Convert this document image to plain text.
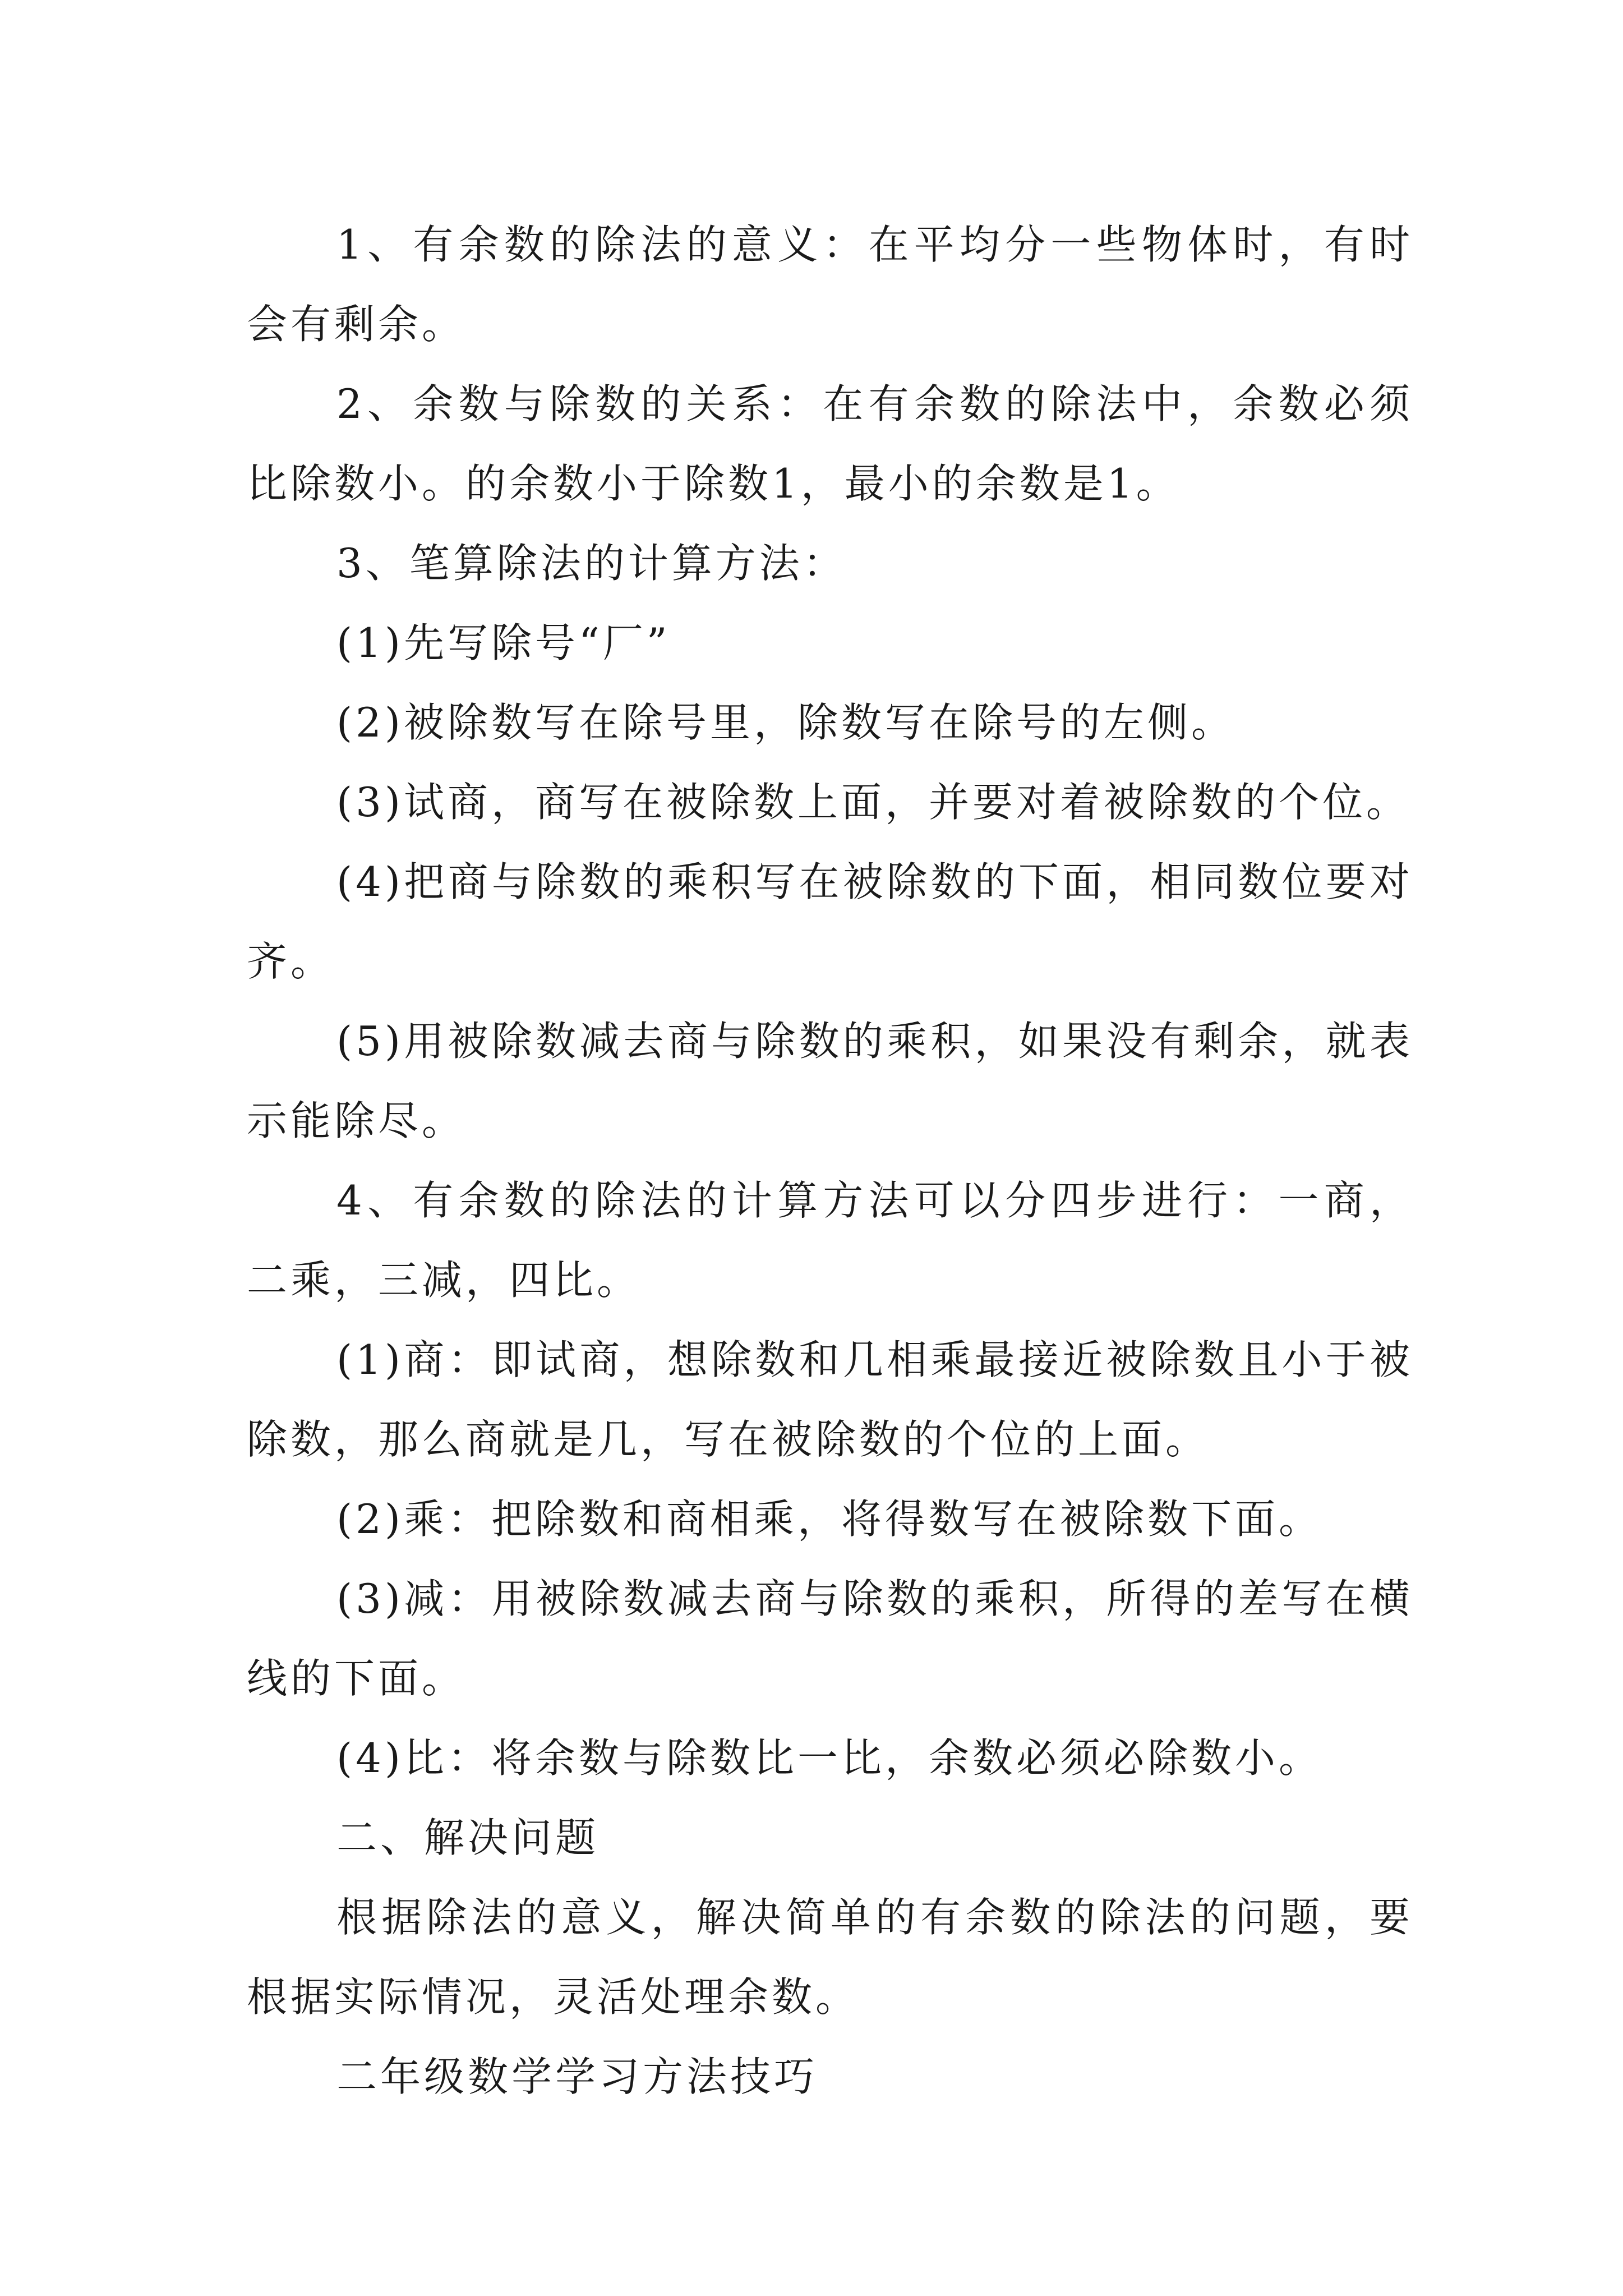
1、有余数的除法的意义：在平均分一些物体时，有时会有剩余。

2、余数与除数的关系：在有余数的除法中，余数必须比除数小。的余数小于除数1，最小的余数是1。

3、笔算除法的计算方法：

(1)先写除号“厂”

(2)被除数写在除号里，除数写在除号的左侧。

(3)试商，商写在被除数上面，并要对着被除数的个位。

(4)把商与除数的乘积写在被除数的下面，相同数位要对齐。

(5)用被除数减去商与除数的乘积，如果没有剩余，就表示能除尽。

4、有余数的除法的计算方法可以分四步进行：一商，二乘，三减，四比。

(1)商：即试商，想除数和几相乘最接近被除数且小于被除数，那么商就是几，写在被除数的个位的上面。

(2)乘：把除数和商相乘，将得数写在被除数下面。

(3)减：用被除数减去商与除数的乘积，所得的差写在横线的下面。

(4)比：将余数与除数比一比，余数必须必除数小。

二、解决问题

根据除法的意义，解决简单的有余数的除法的问题，要根据实际情况，灵活处理余数。

二年级数学学习方法技巧
